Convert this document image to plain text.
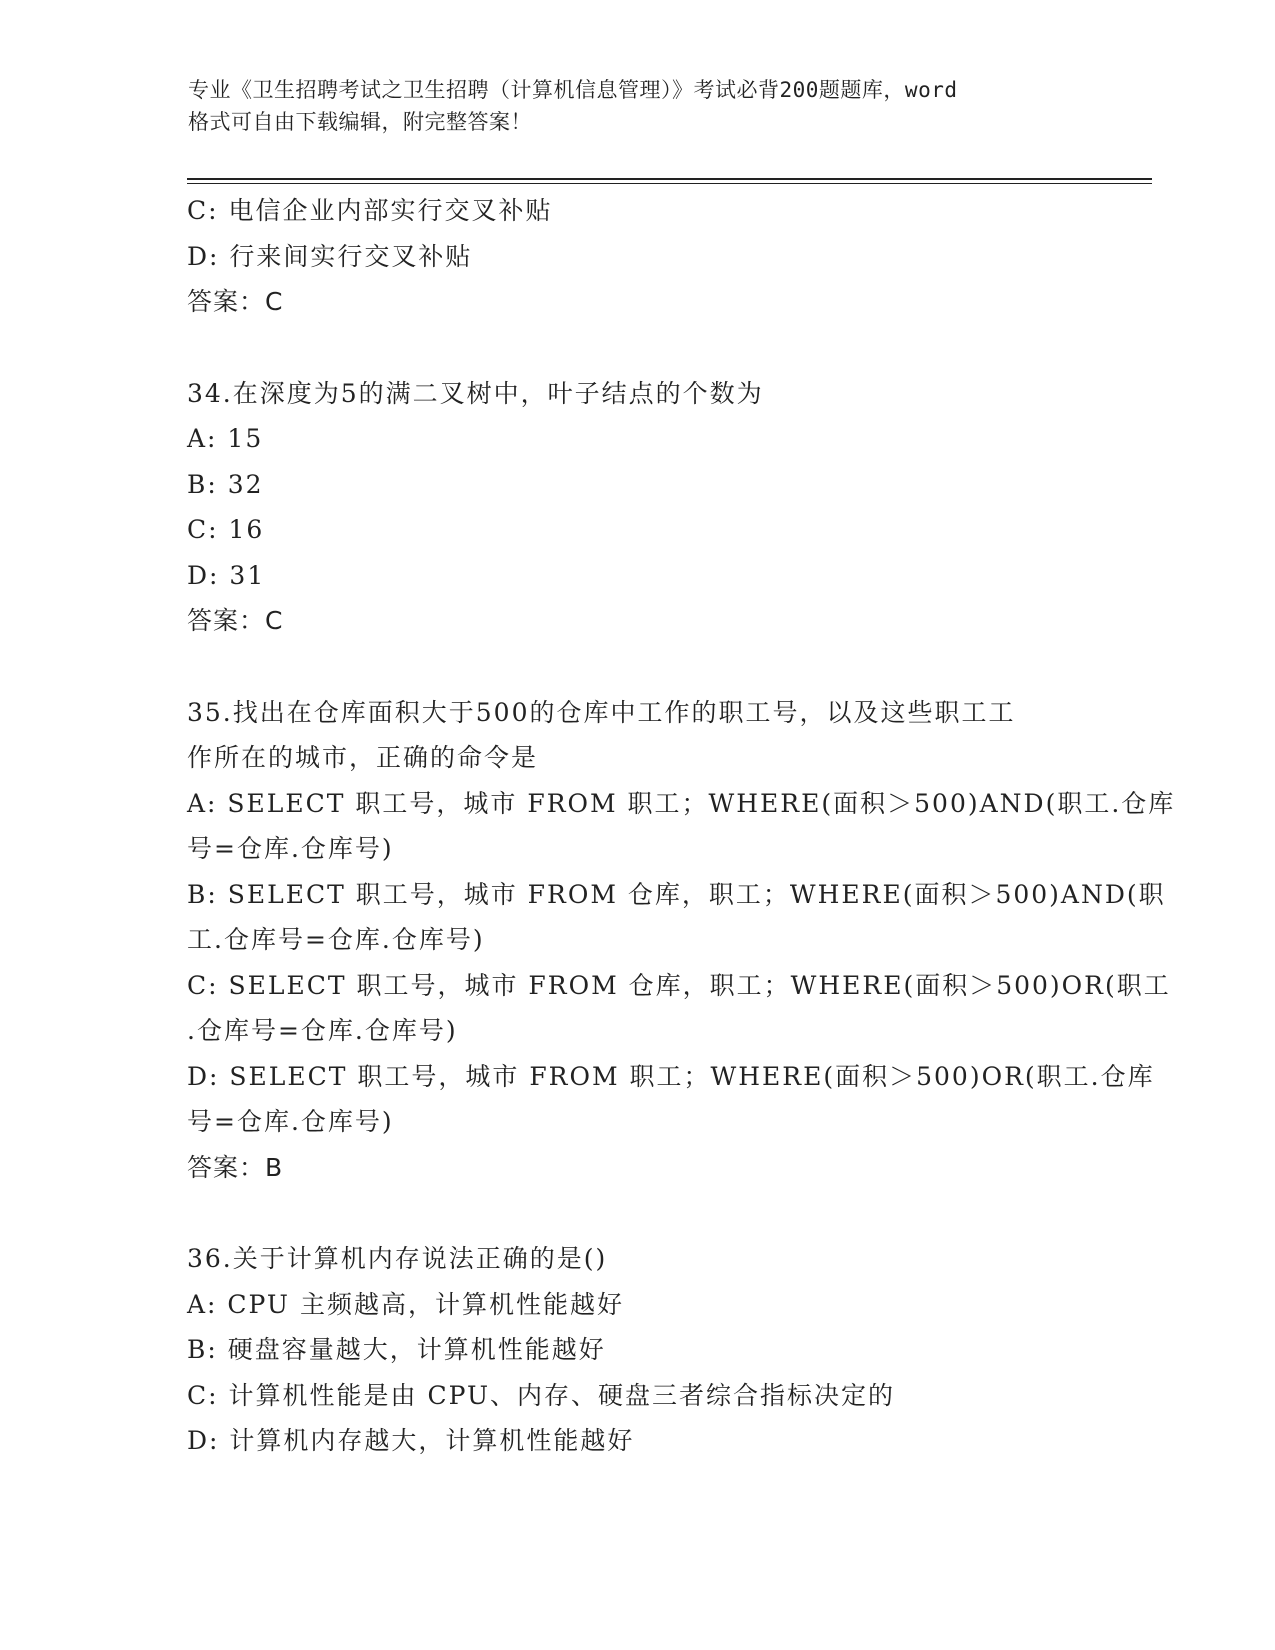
专业《卫生招聘考试之卫生招聘（计算机信息管理）》考试必背200题题库，word
格式可自由下载编辑，附完整答案！
C: 电信企业内部实行交叉补贴
D: 行来间实行交叉补贴
答案：C
34.在深度为5的满二叉树中，叶子结点的个数为
A: 15
B: 32
C: 16
D: 31
答案：C
35.找出在仓库面积大于500的仓库中工作的职工号，以及这些职工工
作所在的城市，正确的命令是
A: SELECT 职工号，城市 FROM 职工；WHERE(面积＞500)AND(职工.仓库
号=仓库.仓库号)
B: SELECT 职工号，城市 FROM 仓库，职工；WHERE(面积＞500)AND(职
工.仓库号=仓库.仓库号)
C: SELECT 职工号，城市 FROM 仓库，职工；WHERE(面积＞500)OR(职工
.仓库号=仓库.仓库号)
D: SELECT 职工号，城市 FROM 职工；WHERE(面积＞500)OR(职工.仓库
号=仓库.仓库号)
答案：B
36.关于计算机内存说法正确的是()
A: CPU 主频越高，计算机性能越好
B: 硬盘容量越大，计算机性能越好
C: 计算机性能是由 CPU、内存、硬盘三者综合指标决定的
D: 计算机内存越大，计算机性能越好
